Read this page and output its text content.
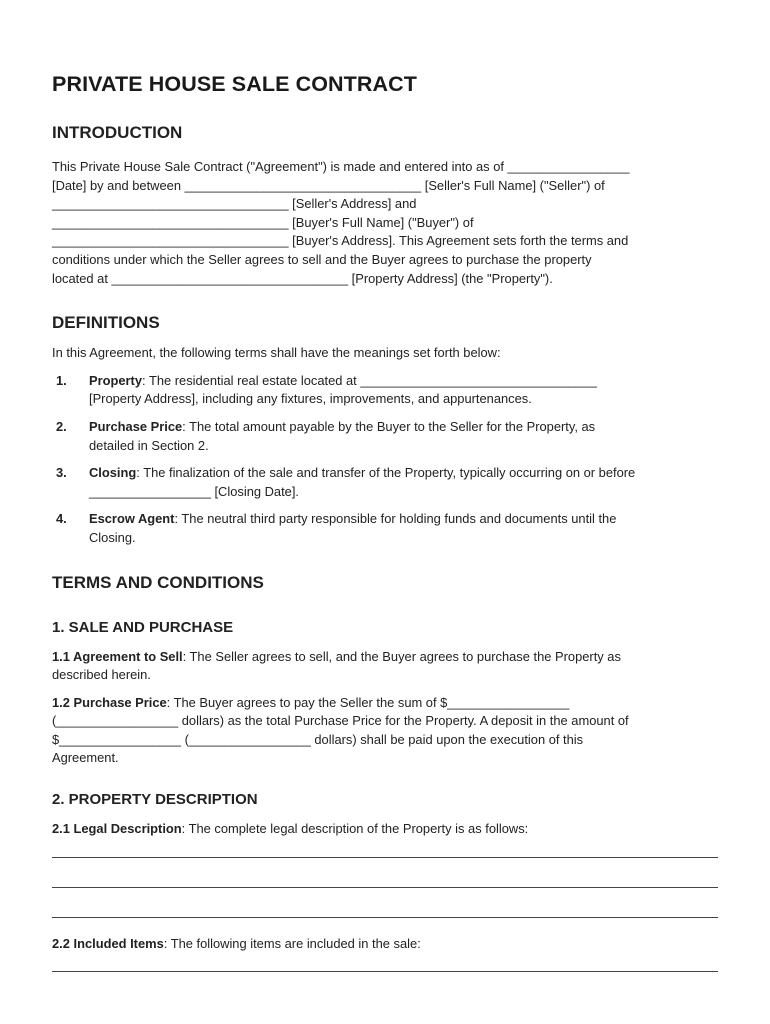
PRIVATE HOUSE SALE CONTRACT
INTRODUCTION
This Private House Sale Contract ("Agreement") is made and entered into as of _________________
[Date] by and between _________________________________ [Seller's Full Name] ("Seller") of
_________________________________ [Seller's Address] and
_________________________________ [Buyer's Full Name] ("Buyer") of
_________________________________ [Buyer's Address]. This Agreement sets forth the terms and
conditions under which the Seller agrees to sell and the Buyer agrees to purchase the property
located at _________________________________ [Property Address] (the "Property").
DEFINITIONS
In this Agreement, the following terms shall have the meanings set forth below:
1. Property: The residential real estate located at _________________________________
[Property Address], including any fixtures, improvements, and appurtenances.
2. Purchase Price: The total amount payable by the Buyer to the Seller for the Property, as
detailed in Section 2.
3. Closing: The finalization of the sale and transfer of the Property, typically occurring on or before
_________________ [Closing Date].
4. Escrow Agent: The neutral third party responsible for holding funds and documents until the
Closing.
TERMS AND CONDITIONS
1. SALE AND PURCHASE
1.1 Agreement to Sell: The Seller agrees to sell, and the Buyer agrees to purchase the Property as
described herein.
1.2 Purchase Price: The Buyer agrees to pay the Seller the sum of $_________________
(_________________ dollars) as the total Purchase Price for the Property. A deposit in the amount of
$_________________ (_________________ dollars) shall be paid upon the execution of this
Agreement.
2. PROPERTY DESCRIPTION
2.1 Legal Description: The complete legal description of the Property is as follows:
2.2 Included Items: The following items are included in the sale:
